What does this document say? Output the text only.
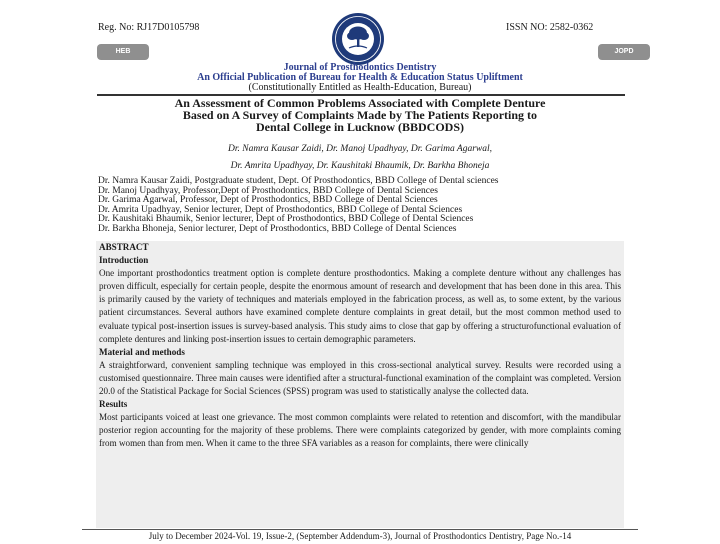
Reg. No: RJ17D0105798	ISSN NO: 2582-0362
HEB	JOPD
Journal of Prosthodontics Dentistry
An Official Publication of Bureau for Health & Education Status Upliftment
(Constitutionally Entitled as Health-Education, Bureau)
An Assessment of Common Problems Associated with Complete Denture
Based on A Survey of Complaints Made by The Patients Reporting to
Dental College in Lucknow (BBDCODS)
Dr. Namra Kausar Zaidi, Dr. Manoj Upadhyay, Dr. Garima Agarwal,
Dr. Amrita Upadhyay, Dr. Kaushitaki Bhaumik, Dr. Barkha Bhoneja
Dr. Namra Kausar Zaidi, Postgraduate student, Dept. Of Prosthodontics, BBD College of Dental sciences
Dr. Manoj Upadhyay, Professor,Dept of Prosthodontics, BBD College of Dental Sciences
Dr. Garima Agarwal, Professor, Dept of Prosthodontics, BBD College of Dental Sciences
Dr. Amrita Upadhyay, Senior lecturer, Dept of Prosthodontics, BBD College of Dental Sciences
Dr. Kaushitaki Bhaumik, Senior lecturer, Dept of Prosthodontics, BBD College of Dental Sciences
Dr. Barkha Bhoneja, Senior lecturer, Dept of Prosthodontics, BBD College of Dental Sciences
ABSTRACT
Introduction

One important prosthodontics treatment option is complete denture prosthodontics. Making a complete denture without any challenges has proven difficult, especially for certain people, despite the enormous amount of research and development that has been done in this area. This is primarily caused by the variety of techniques and materials employed in the fabrication process, as well as, to some extent, by the various patient circumstances. Several authors have examined complete denture complaints in great detail, but the most common method used to evaluate typical post-insertion issues is survey-based analysis. This study aims to close that gap by offering a structurofunctional evaluation of complete dentures and linking post-insertion issues to certain demographic parameters.

Material and methods

A straightforward, convenient sampling technique was employed in this cross-sectional analytical survey. Results were recorded using a customised questionnaire. Three main causes were identified after a structural-functional examination of the complaint was completed. Version 20.0 of the Statistical Package for Social Sciences (SPSS) program was used to statistically analyse the collected data.

Results

Most participants voiced at least one grievance. The most common complaints were related to retention and discomfort, with the mandibular posterior region accounting for the majority of these problems. There were complaints categorized by gender, with more complaints coming from women than from men. When it came to the three SFA variables as a reason for complaints, there were clinically

July to December 2024-Vol. 19, Issue-2, (September Addendum-3), Journal of Prosthodontics Dentistry, Page No.-14
